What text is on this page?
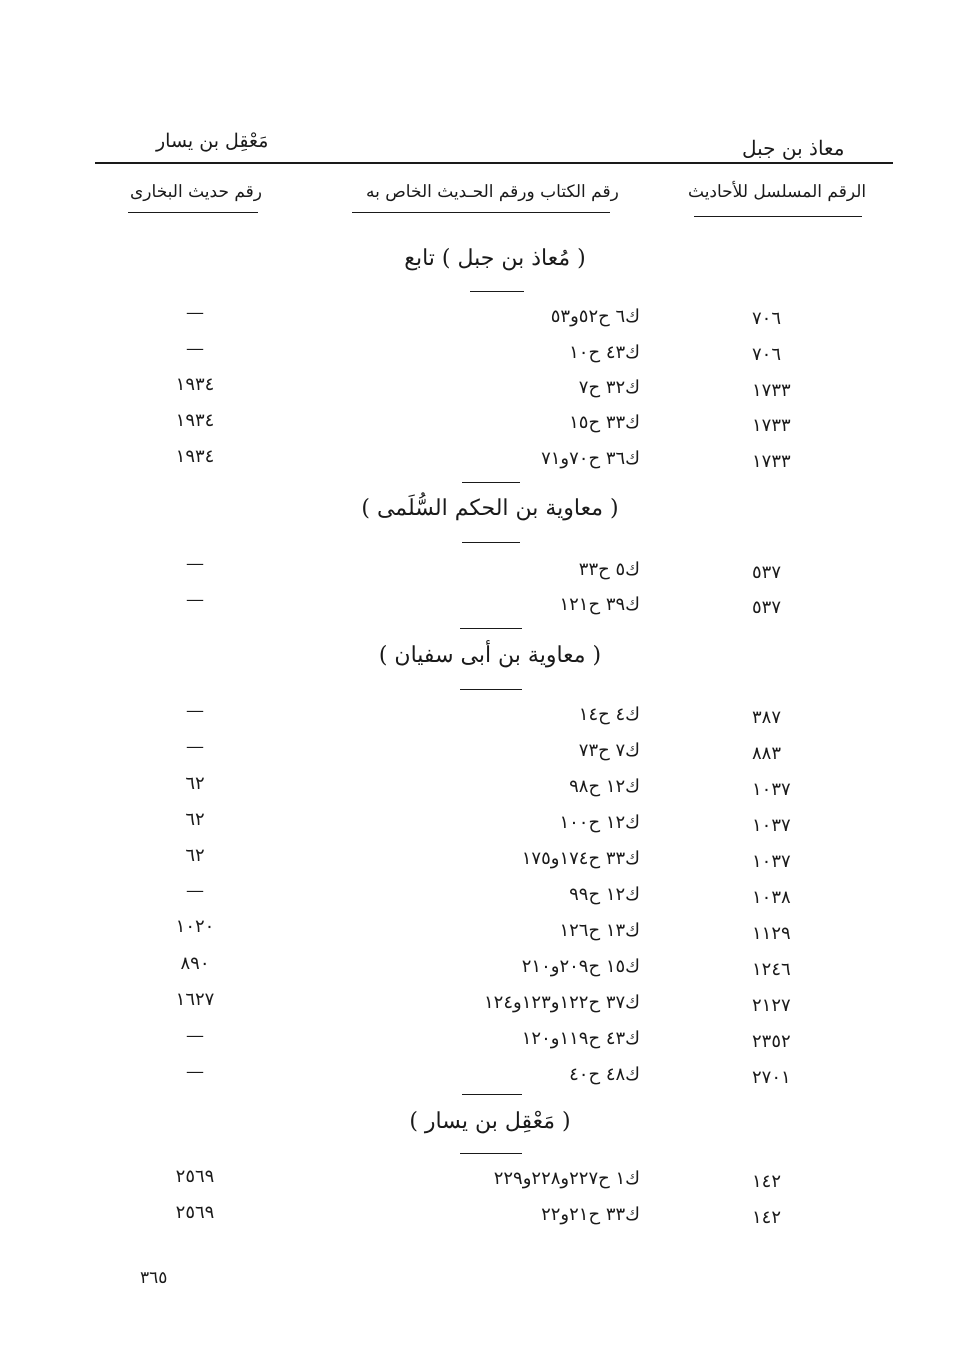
معاذ بن جبل
مَعْقِل بن يسار
الرقم المسلسل للأحاديث
رقم الكتاب ورقم الحـديث الخاص به
رقم حديث البخارى
( مُعاذ بن جبل ) تابع
٧٠٦
ك٦ ح٥٢و٥٣
—
٧٠٦
ك٤٣ ح١٠
—
١٧٣٣
ك٣٢ ح٧
١٩٣٤
١٧٣٣
ك٣٣ ح١٥
١٩٣٤
١٧٣٣
ك٣٦ ح٧٠و٧١
١٩٣٤
( معاوية بن الحكم السُّلَمى )
٥٣٧
ك٥ ح٣٣
—
٥٣٧
ك٣٩ ح١٢١
—
( معاوية بن أبى سفيان )
٣٨٧
ك٤ ح١٤
—
٨٨٣
ك٧ ح٧٣
—
١٠٣٧
ك١٢ ح٩٨
٦٢
١٠٣٧
ك١٢ ح١٠٠
٦٢
١٠٣٧
ك٣٣ ح١٧٤و١٧٥
٦٢
١٠٣٨
ك١٢ ح٩٩
—
١١٢٩
ك١٣ ح١٢٦
١٠٢٠
١٢٤٦
ك١٥ ح٢٠٩و٢١٠
٨٩٠
٢١٢٧
ك٣٧ ح١٢٢و١٢٣و١٢٤
١٦٢٧
٢٣٥٢
ك٤٣ ح١١٩و١٢٠
—
٢٧٠١
ك٤٨ ح٤٠
—
( مَعْقِل بن يسار )
١٤٢
ك١ ح٢٢٧و٢٢٨و٢٢٩
٢٥٦٩
١٤٢
ك٣٣ ح٢١و٢٢
٢٥٦٩
٣٦٥
